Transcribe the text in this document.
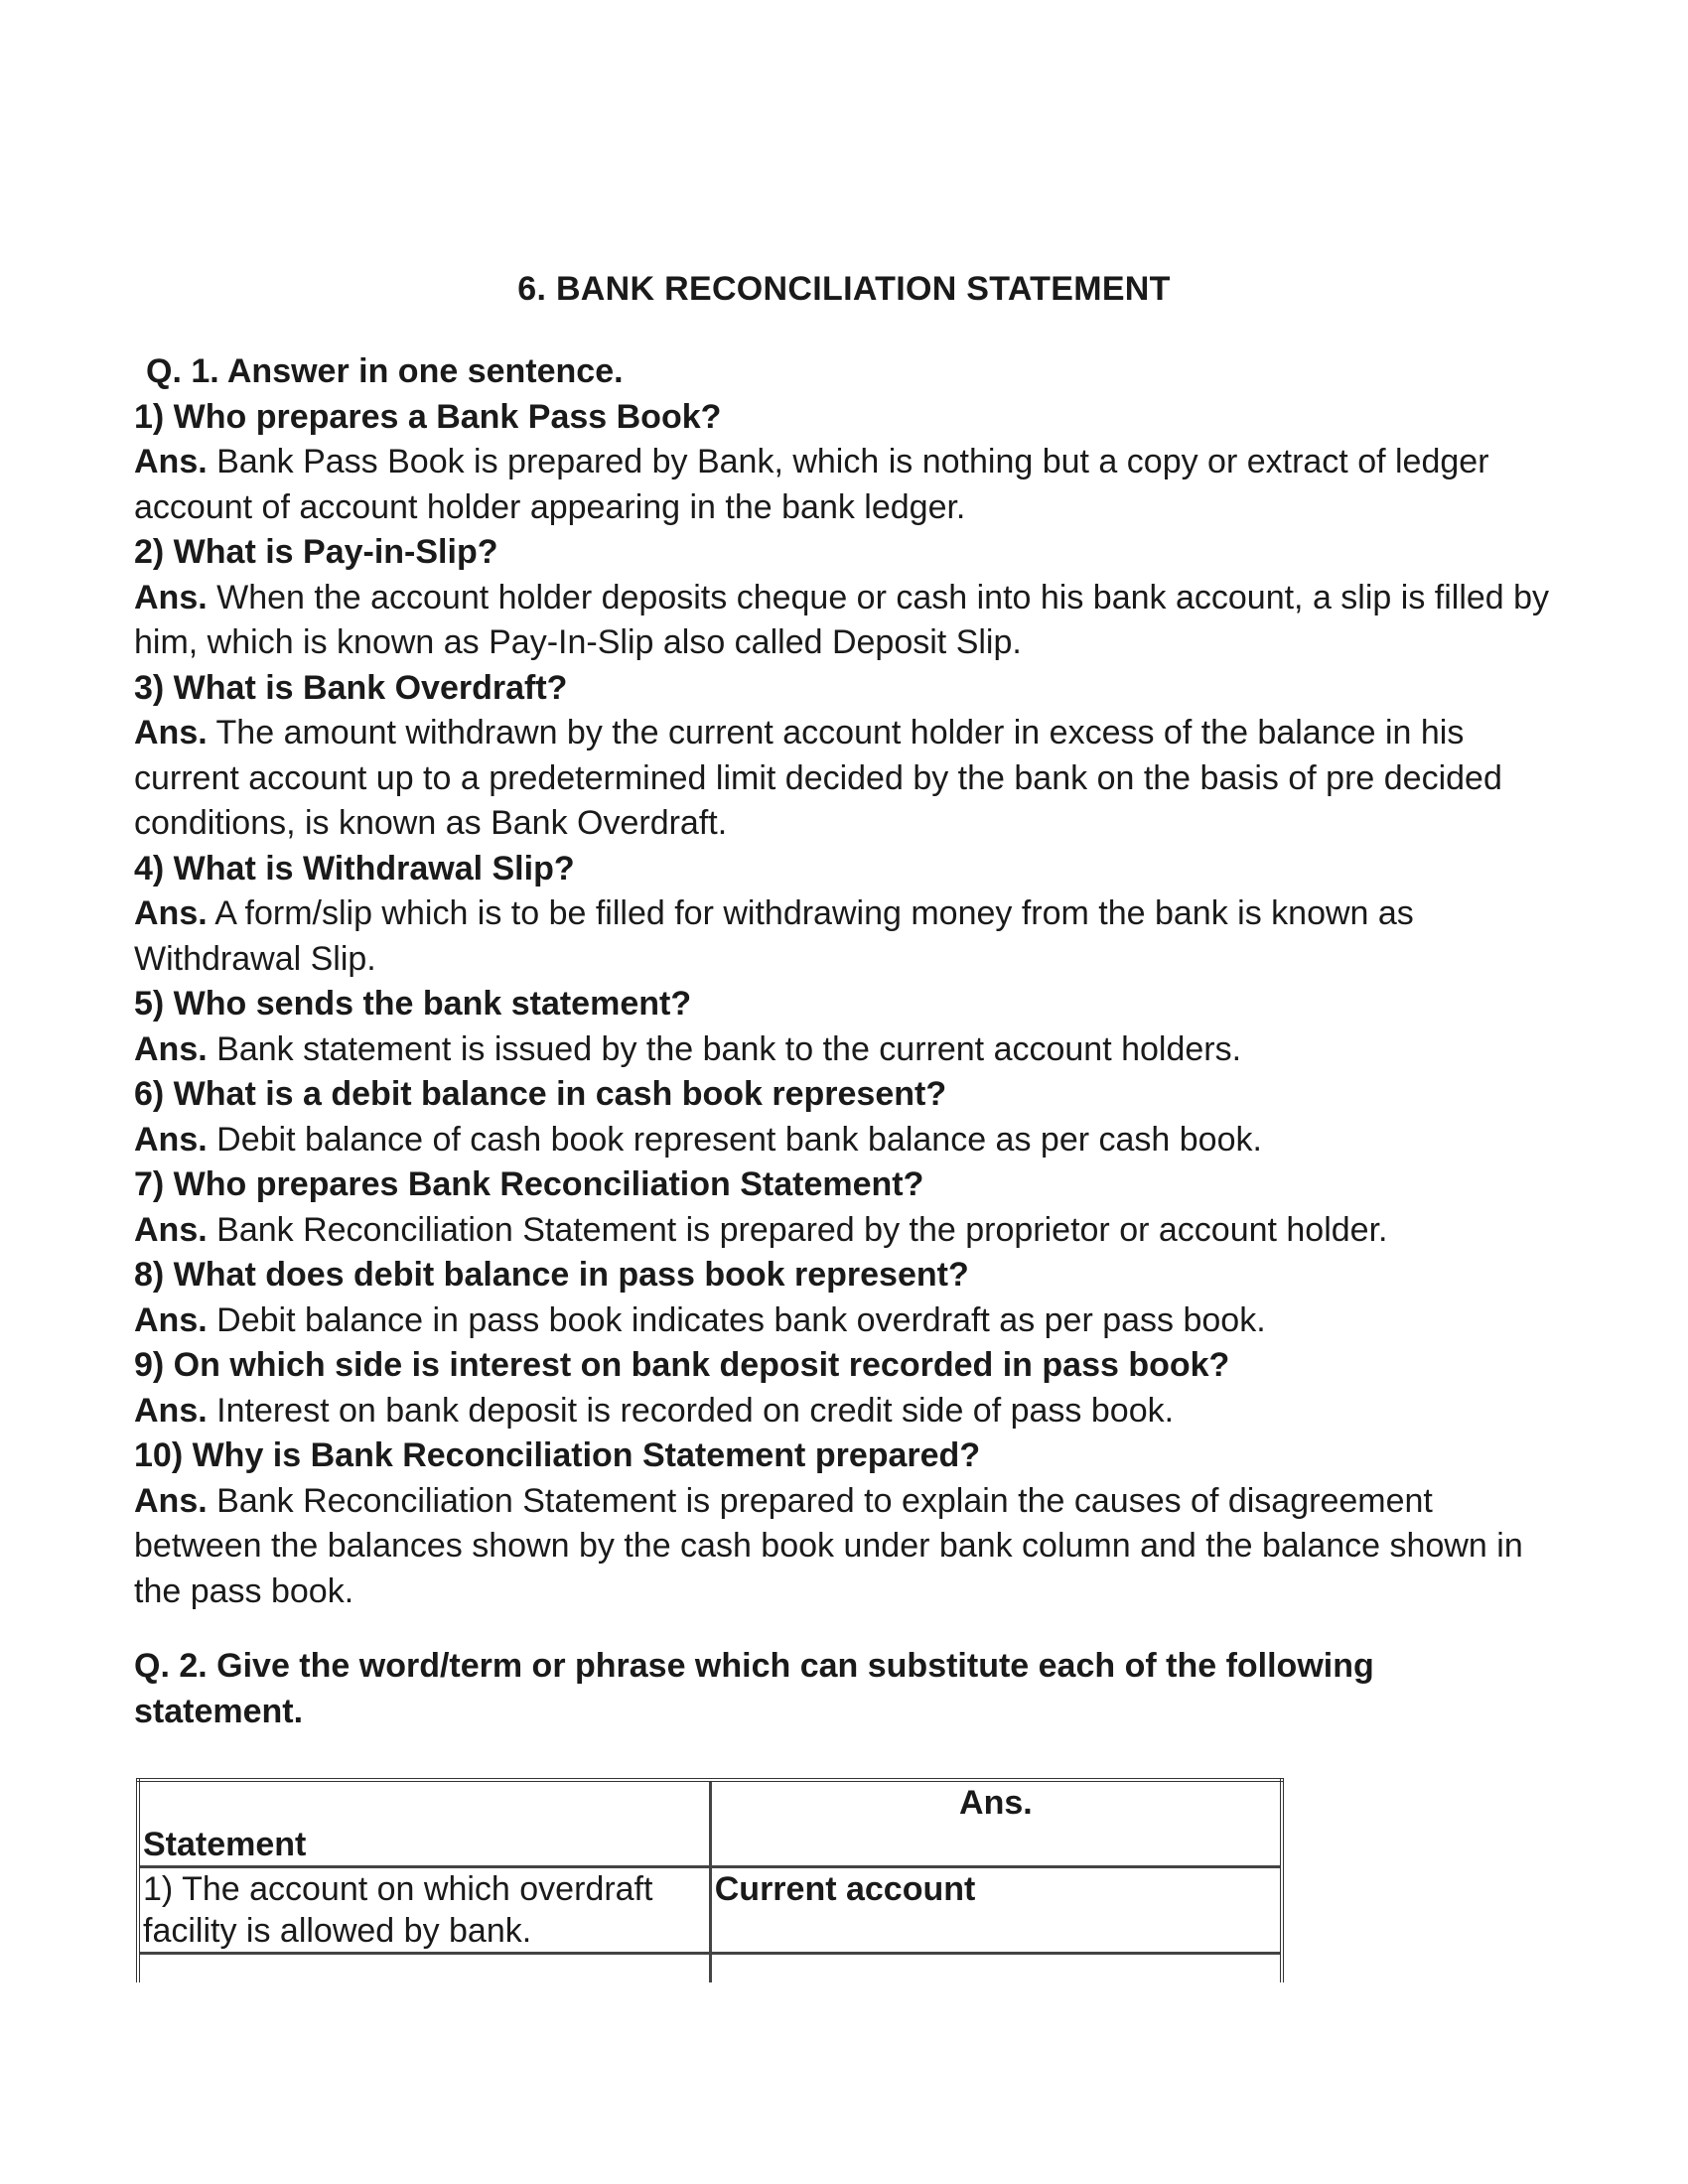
6. BANK RECONCILIATION STATEMENT
Q. 1. Answer in one sentence.
1) Who prepares a Bank Pass Book?
Ans. Bank Pass Book is prepared by Bank, which is nothing but a copy or extract of ledger account of account holder appearing in the bank ledger.
2) What is Pay-in-Slip?
Ans. When the account holder deposits cheque or cash into his bank account, a slip is filled by him, which is known as Pay-In-Slip also called Deposit Slip.
3) What is Bank Overdraft?
Ans. The amount withdrawn by the current account holder in excess of the balance in his current account up to a predetermined limit decided by the bank on the basis of pre decided conditions, is known as Bank Overdraft.
4) What is Withdrawal Slip?
Ans. A form/slip which is to be filled for withdrawing money from the bank is known as Withdrawal Slip.
5) Who sends the bank statement?
Ans. Bank statement is issued by the bank to the current account holders.
6) What is a debit balance in cash book represent?
Ans. Debit balance of cash book represent bank balance as per cash book.
7) Who prepares Bank Reconciliation Statement?
Ans. Bank Reconciliation Statement is prepared by the proprietor or account holder.
8) What does debit balance in pass book represent?
Ans. Debit balance in pass book indicates bank overdraft as per pass book.
9) On which side is interest on bank deposit recorded in pass book?
Ans. Interest on bank deposit is recorded on credit side of pass book.
10) Why is Bank Reconciliation Statement prepared?
Ans. Bank Reconciliation Statement is prepared to explain the causes of disagreement between the balances shown by the cash book under bank column and the balance shown in the pass book.
Q. 2. Give the word/term or phrase which can substitute each of the following statement.
Statement	Ans.
1) The account on which overdraft facility is allowed by bank.	Current account
